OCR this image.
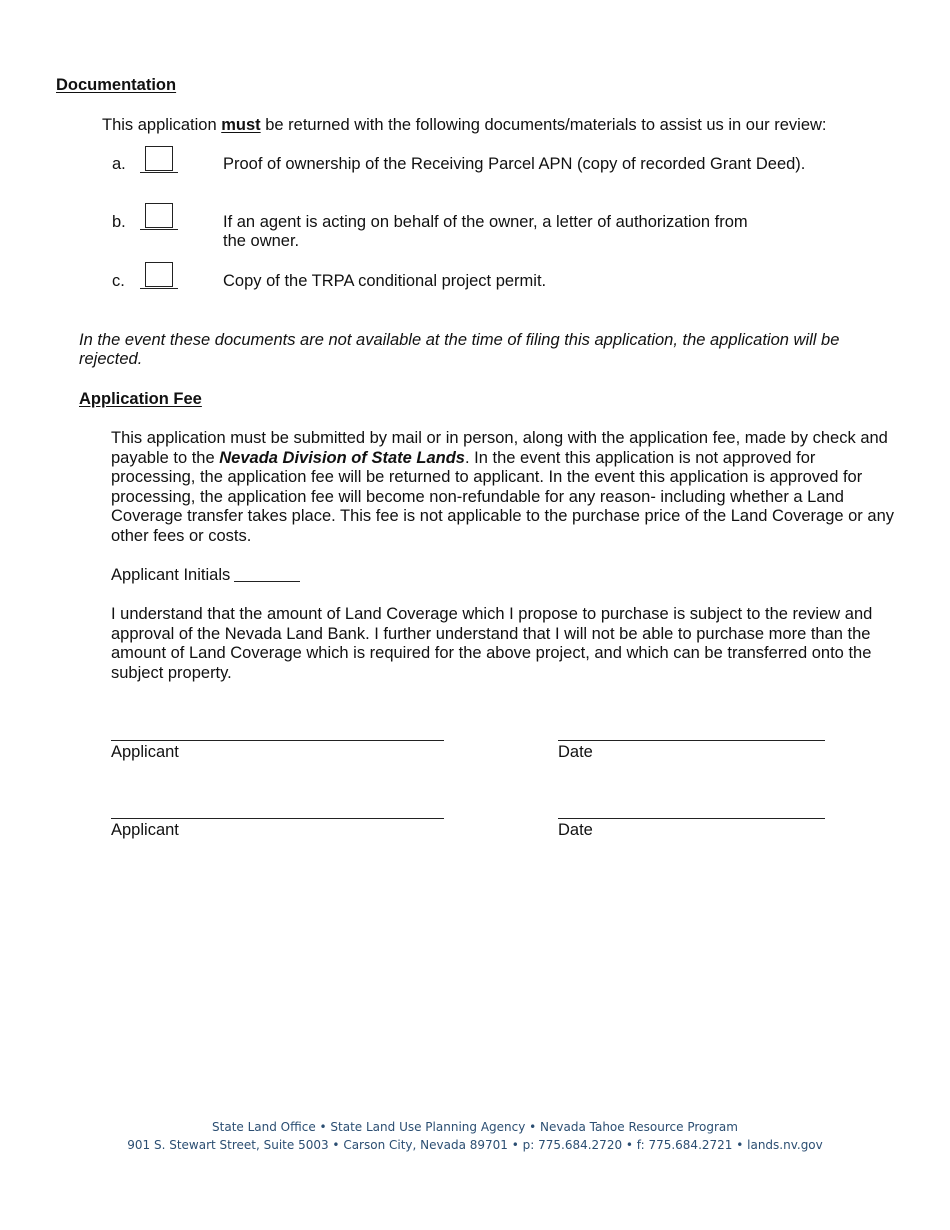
Documentation
This application must be returned with the following documents/materials to assist us in our review:
a.	Proof of ownership of the Receiving Parcel APN (copy of recorded Grant Deed).
b.	If an agent is acting on behalf of the owner, a letter of authorization from
the owner.
c.	Copy of the TRPA conditional project permit.
In the event these documents are not available at the time of filing this application, the application will be
rejected.
Application Fee
This application must be submitted by mail or in person, along with the application fee, made by check and payable to the Nevada Division of State Lands. In the event this application is not approved for processing, the application fee will be returned to applicant. In the event this application is approved for processing, the application fee will become non-refundable for any reason- including whether a Land Coverage transfer takes place. This fee is not applicable to the purchase price of the Land Coverage or any other fees or costs.
Applicant Initials
I understand that the amount of Land Coverage which I propose to purchase is subject to the review and approval of the Nevada Land Bank. I further understand that I will not be able to purchase more than the amount of Land Coverage which is required for the above project, and which can be transferred onto the subject property.
Applicant	Date
Applicant	Date
State Land Office • State Land Use Planning Agency • Nevada Tahoe Resource Program
901 S. Stewart Street, Suite 5003 • Carson City, Nevada 89701 • p: 775.684.2720 • f: 775.684.2721 • lands.nv.gov
